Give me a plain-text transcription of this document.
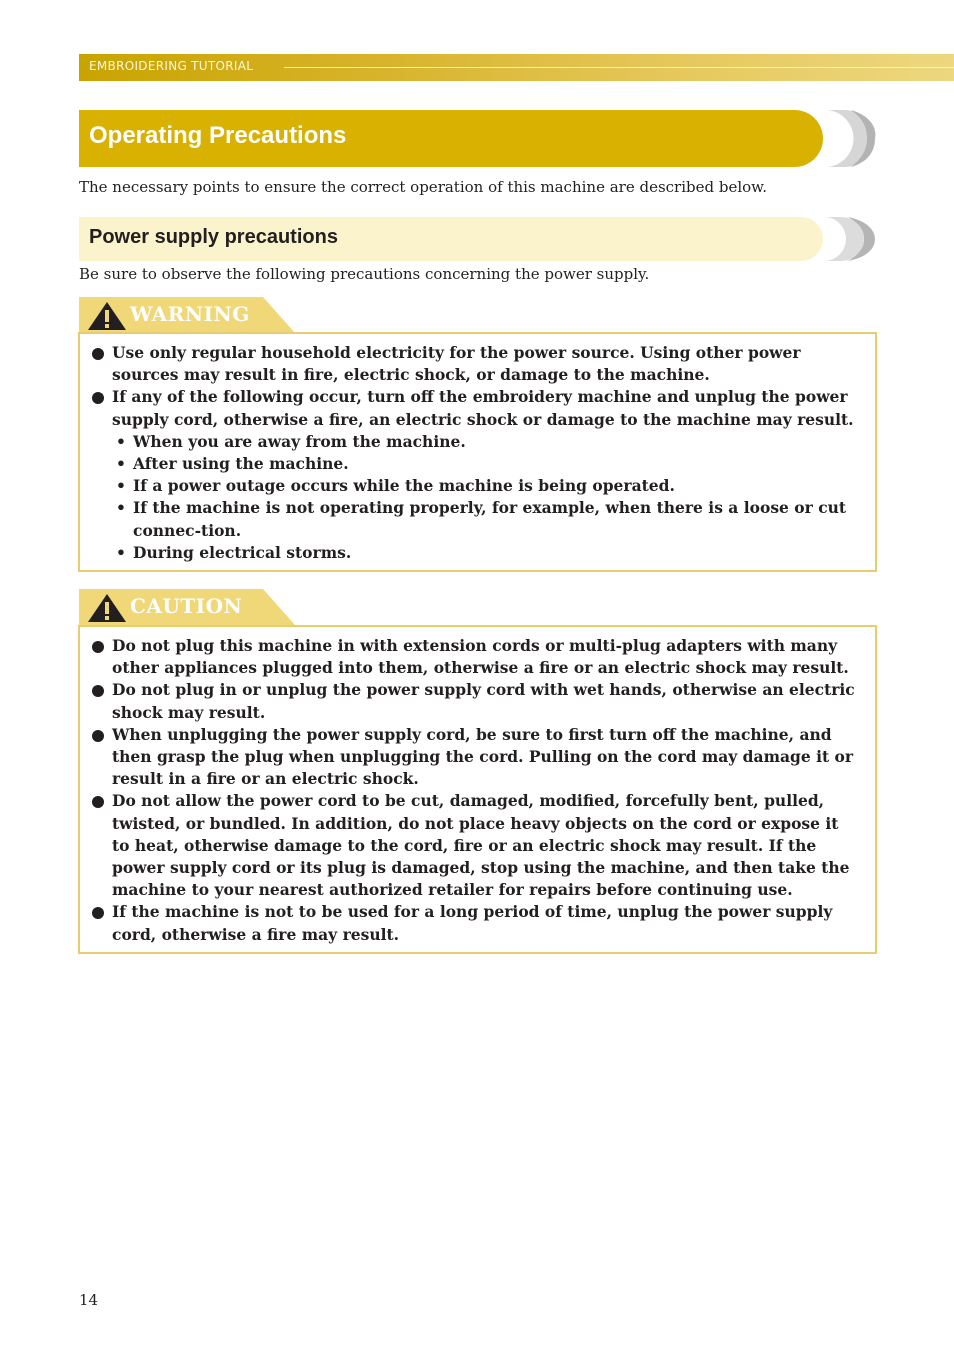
EMBROIDERING TUTORIAL
Operating Precautions

The necessary points to ensure the correct operation of this machine are described below.

Power supply precautions

Be sure to observe the following precautions concerning the power supply.

WARNING
Use only regular household electricity for the power source. Using other power sources may result in fire, electric shock, or damage to the machine.
If any of the following occur, turn off the embroidery machine and unplug the power supply cord, otherwise a fire, an electric shock or damage to the machine may result.
• When you are away from the machine.
• After using the machine.
• If a power outage occurs while the machine is being operated.
• If the machine is not operating properly, for example, when there is a loose or cut connec-tion.
• During electrical storms.
CAUTION
Do not plug this machine in with extension cords or multi-plug adapters with many other appliances plugged into them, otherwise a fire or an electric shock may result.
Do not plug in or unplug the power supply cord with wet hands, otherwise an electric shock may result.
When unplugging the power supply cord, be sure to first turn off the machine, and then grasp the plug when unplugging the cord. Pulling on the cord may damage it or result in a fire or an electric shock.
Do not allow the power cord to be cut, damaged, modified, forcefully bent, pulled, twisted, or bundled. In addition, do not place heavy objects on the cord or expose it to heat, otherwise damage to the cord, fire or an electric shock may result. If the power supply cord or its plug is damaged, stop using the machine, and then take the machine to your nearest authorized retailer for repairs before continuing use.
If the machine is not to be used for a long period of time, unplug the power supply cord, otherwise a fire may result.
14
